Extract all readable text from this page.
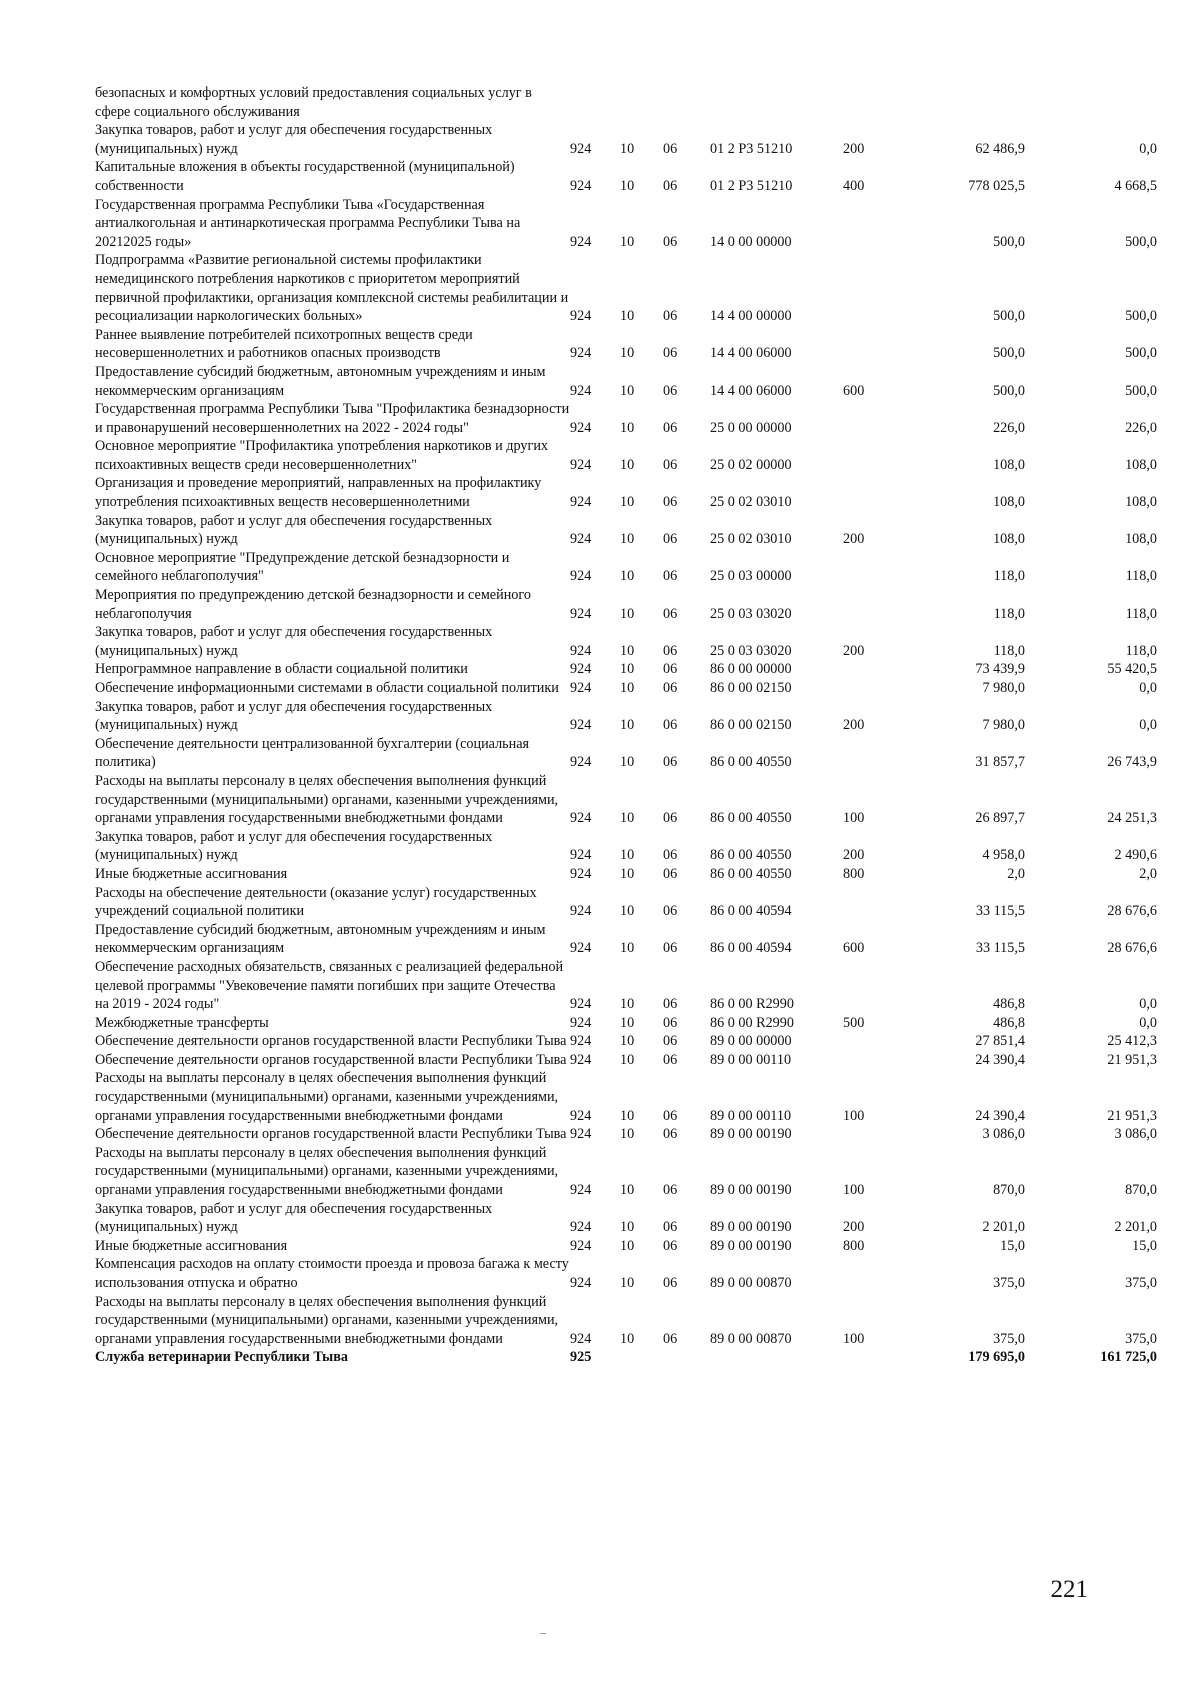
безопасных и комфортных условий предоставления социальных услуг в сфере социального обслуживания							
Закупка товаров, работ и услуг для обеспечения государственных (муниципальных) нужд	924	10	06	01 2 P3 51210	200	62 486,9	0,0
Капитальные вложения в объекты государственной (муниципальной) собственности	924	10	06	01 2 P3 51210	400	778 025,5	4 668,5
Государственная программа Республики Тыва «Государственная антиалкогольная и антинаркотическая программа Республики Тыва на 20212025 годы»	924	10	06	14 0 00 00000		500,0	500,0
Подпрограмма «Развитие региональной системы профилактики немедицинского потребления наркотиков с приоритетом мероприятий первичной профилактики, организация комплексной системы реабилитации и ресоциализации наркологических больных»	924	10	06	14 4 00 00000		500,0	500,0
Раннее выявление потребителей психотропных веществ среди несовершеннолетних и работников опасных производств	924	10	06	14 4 00 06000		500,0	500,0
Предоставление субсидий бюджетным, автономным учреждениям и иным некоммерческим организациям	924	10	06	14 4 00 06000	600	500,0	500,0
Государственная программа Республики Тыва "Профилактика безнадзорности и правонарушений несовершеннолетних на 2022 - 2024 годы"	924	10	06	25 0 00 00000		226,0	226,0
Основное мероприятие "Профилактика употребления наркотиков и других психоактивных веществ среди несовершеннолетних"	924	10	06	25 0 02 00000		108,0	108,0
Организация и проведение мероприятий, направленных на профилактику употребления психоактивных веществ несовершеннолетними	924	10	06	25 0 02 03010		108,0	108,0
Закупка товаров, работ и услуг для обеспечения государственных (муниципальных) нужд	924	10	06	25 0 02 03010	200	108,0	108,0
Основное мероприятие "Предупреждение детской безнадзорности и семейного неблагополучия"	924	10	06	25 0 03 00000		118,0	118,0
Мероприятия по предупреждению детской безнадзорности и семейного неблагополучия	924	10	06	25 0 03 03020		118,0	118,0
Закупка товаров, работ и услуг для обеспечения государственных (муниципальных) нужд	924	10	06	25 0 03 03020	200	118,0	118,0
Непрограммное направление в области социальной политики	924	10	06	86 0 00 00000		73 439,9	55 420,5
Обеспечение информационными системами в области социальной политики	924	10	06	86 0 00 02150		7 980,0	0,0
Закупка товаров, работ и услуг для обеспечения государственных (муниципальных) нужд	924	10	06	86 0 00 02150	200	7 980,0	0,0
Обеспечение деятельности централизованной бухгалтерии (социальная политика)	924	10	06	86 0 00 40550		31 857,7	26 743,9
Расходы на выплаты персоналу в целях обеспечения выполнения функций государственными (муниципальными) органами, казенными учреждениями, органами управления государственными внебюджетными фондами	924	10	06	86 0 00 40550	100	26 897,7	24 251,3
Закупка товаров, работ и услуг для обеспечения государственных (муниципальных) нужд	924	10	06	86 0 00 40550	200	4 958,0	2 490,6
Иные бюджетные ассигнования	924	10	06	86 0 00 40550	800	2,0	2,0
Расходы на обеспечение деятельности (оказание услуг) государственных учреждений социальной политики	924	10	06	86 0 00 40594		33 115,5	28 676,6
Предоставление субсидий бюджетным, автономным учреждениям и иным некоммерческим организациям	924	10	06	86 0 00 40594	600	33 115,5	28 676,6
Обеспечение расходных обязательств, связанных с реализацией федеральной целевой программы "Увековечение памяти погибших при защите Отечества на 2019 - 2024 годы"	924	10	06	86 0 00 R2990		486,8	0,0
Межбюджетные трансферты	924	10	06	86 0 00 R2990	500	486,8	0,0
Обеспечение деятельности органов государственной власти Республики Тыва	924	10	06	89 0 00 00000		27 851,4	25 412,3
Обеспечение деятельности органов государственной власти Республики Тыва	924	10	06	89 0 00 00110		24 390,4	21 951,3
Расходы на выплаты персоналу в целях обеспечения выполнения функций государственными (муниципальными) органами, казенными учреждениями, органами управления государственными внебюджетными фондами	924	10	06	89 0 00 00110	100	24 390,4	21 951,3
Обеспечение деятельности органов государственной власти Республики Тыва	924	10	06	89 0 00 00190		3 086,0	3 086,0
Расходы на выплаты персоналу в целях обеспечения выполнения функций государственными (муниципальными) органами, казенными учреждениями, органами управления государственными внебюджетными фондами	924	10	06	89 0 00 00190	100	870,0	870,0
Закупка товаров, работ и услуг для обеспечения государственных (муниципальных) нужд	924	10	06	89 0 00 00190	200	2 201,0	2 201,0
Иные бюджетные ассигнования	924	10	06	89 0 00 00190	800	15,0	15,0
Компенсация расходов на оплату стоимости проезда и провоза багажа к месту использования отпуска и обратно	924	10	06	89 0 00 00870		375,0	375,0
Расходы на выплаты персоналу в целях обеспечения выполнения функций государственными (муниципальными) органами, казенными учреждениями, органами управления государственными внебюджетными фондами	924	10	06	89 0 00 00870	100	375,0	375,0
Служба ветеринарии Республики Тыва	925					179 695,0	161 725,0
221
